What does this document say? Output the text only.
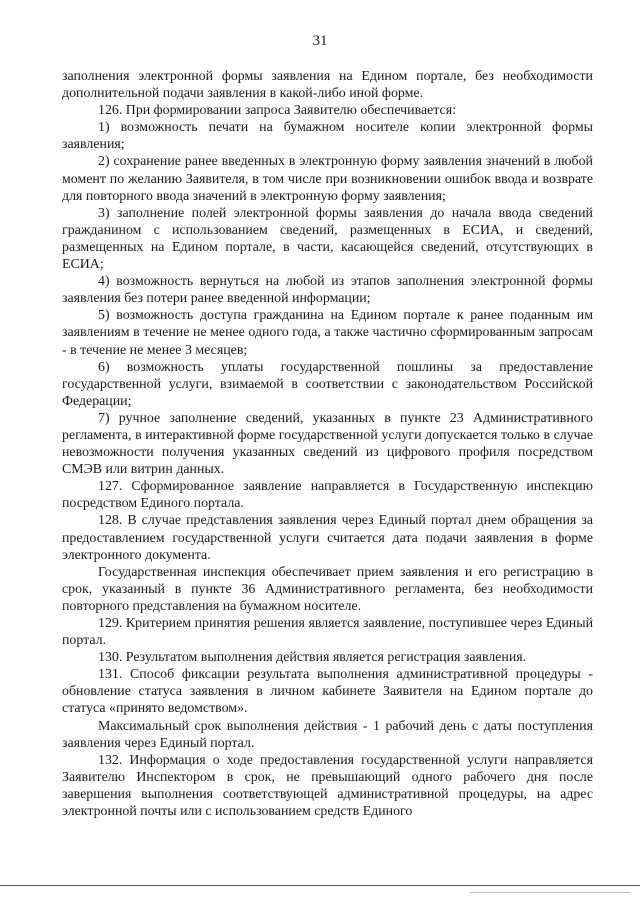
31

заполнения электронной формы заявления на Едином портале, без необходимости дополнительной подачи заявления в какой-либо иной форме.

126. При формировании запроса Заявителю обеспечивается:

1) возможность печати на бумажном носителе копии электронной формы заявления;

2) сохранение ранее введенных в электронную форму заявления значений в любой момент по желанию Заявителя, в том числе при возникновении ошибок ввода и возврате для повторного ввода значений в электронную форму заявления;

3) заполнение полей электронной формы заявления до начала ввода сведений гражданином с использованием сведений, размещенных в ЕСИА, и сведений, размещенных на Едином портале, в части, касающейся сведений, отсутствующих в ЕСИА;

4) возможность вернуться на любой из этапов заполнения электронной формы заявления без потери ранее введенной информации;

5) возможность доступа гражданина на Едином портале к ранее поданным им заявлениям в течение не менее одного года, а также частично сформированным запросам - в течение не менее 3 месяцев;

6) возможность уплаты государственной пошлины за предоставление государственной услуги, взимаемой в соответствии с законодательством Российской Федерации;

7) ручное заполнение сведений, указанных в пункте 23 Административного регламента, в интерактивной форме государственной услуги допускается только в случае невозможности получения указанных сведений из цифрового профиля посредством СМЭВ или витрин данных.

127. Сформированное заявление направляется в Государственную инспекцию посредством Единого портала.

128. В случае представления заявления через Единый портал днем обращения за предоставлением государственной услуги считается дата подачи заявления в форме электронного документа.

Государственная инспекция обеспечивает прием заявления и его регистрацию в срок, указанный в пункте 36 Административного регламента, без необходимости повторного представления на бумажном носителе.

129. Критерием принятия решения является заявление, поступившее через Единый портал.

130. Результатом выполнения действия является регистрация заявления.

131. Способ фиксации результата выполнения административной процедуры - обновление статуса заявления в личном кабинете Заявителя на Едином портале до статуса «принято ведомством».

Максимальный срок выполнения действия - 1 рабочий день с даты поступления заявления через Единый портал.

132. Информация о ходе предоставления государственной услуги направляется Заявителю Инспектором в срок, не превышающий одного рабочего дня после завершения выполнения соответствующей административной процедуры, на адрес электронной почты или с использованием средств Единого
